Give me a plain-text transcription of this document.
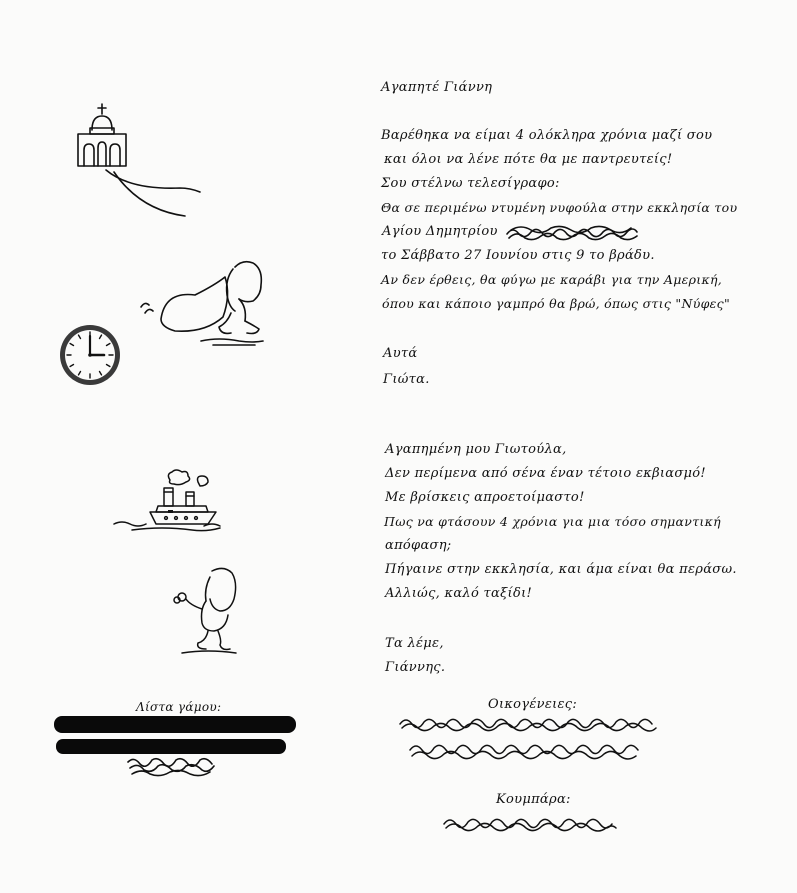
Λίστα γάμου:
Αγαπητέ Γιάννη
Βαρέθηκα να είμαι 4 ολόκληρα χρόνια μαζί σου
και όλοι να λένε πότε θα με παντρευτείς!
Σου στέλνω τελεσίγραφο:
Θα σε περιμένω ντυμένη νυφούλα στην εκκλησία του
Αγίου Δημητρίου
το Σάββατο 27 Ιουνίου στις 9 το βράδυ.
Αν δεν έρθεις, θα φύγω με καράβι για την Αμερική,
όπου και κάποιο γαμπρό θα βρώ, όπως στις "Νύφες"
Αυτά
Γιώτα.
Αγαπημένη μου Γιωτούλα,
Δεν περίμενα από σένα έναν τέτοιο εκβιασμό!
Με βρίσκεις απροετοίμαστο!
Πως να φτάσουν 4 χρόνια για μια τόσο σημαντική
απόφαση;
Πήγαινε στην εκκλησία, και άμα είναι θα περάσω.
Αλλιώς, καλό ταξίδι!
Τα λέμε,
Γιάννης.
Οικογένειες:
Κουμπάρα:
